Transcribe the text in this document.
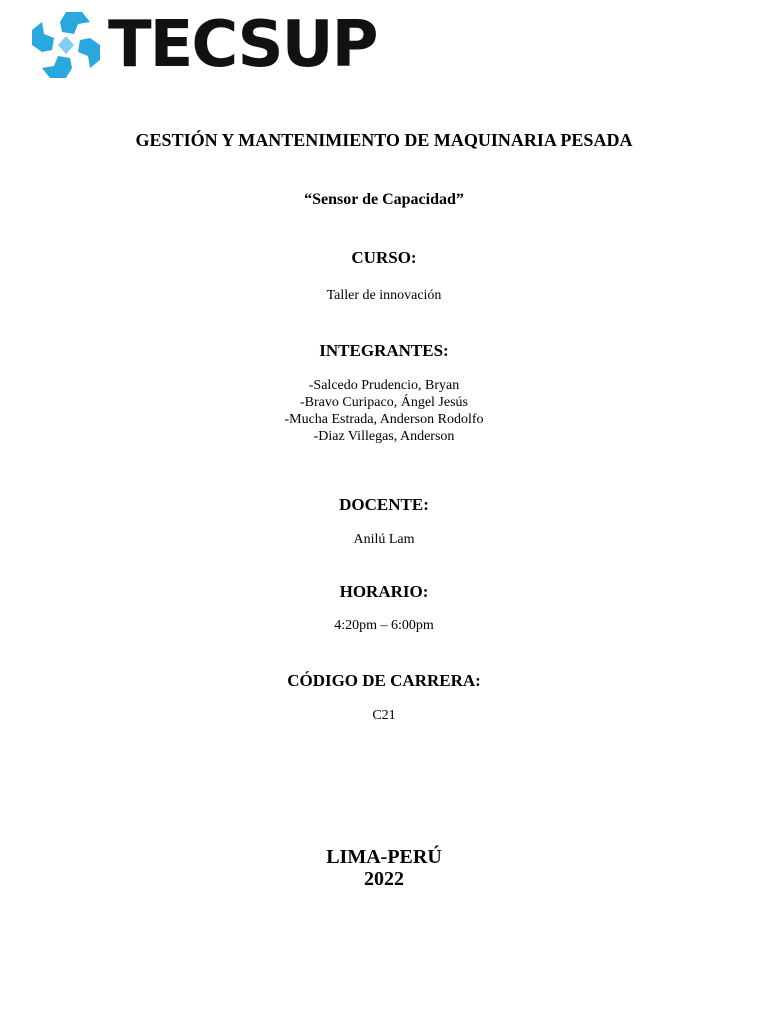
TECSUP
GESTIÓN Y MANTENIMIENTO DE MAQUINARIA PESADA
“Sensor de Capacidad”
CURSO:
Taller de innovación
INTEGRANTES:
-Salcedo Prudencio, Bryan
-Bravo Curipaco, Ángel Jesús
-Mucha Estrada, Anderson Rodolfo
-Diaz Villegas, Anderson
DOCENTE:
Anilú Lam
HORARIO:
4:20pm – 6:00pm
CÓDIGO DE CARRERA:
C21
LIMA-PERÚ
2022
